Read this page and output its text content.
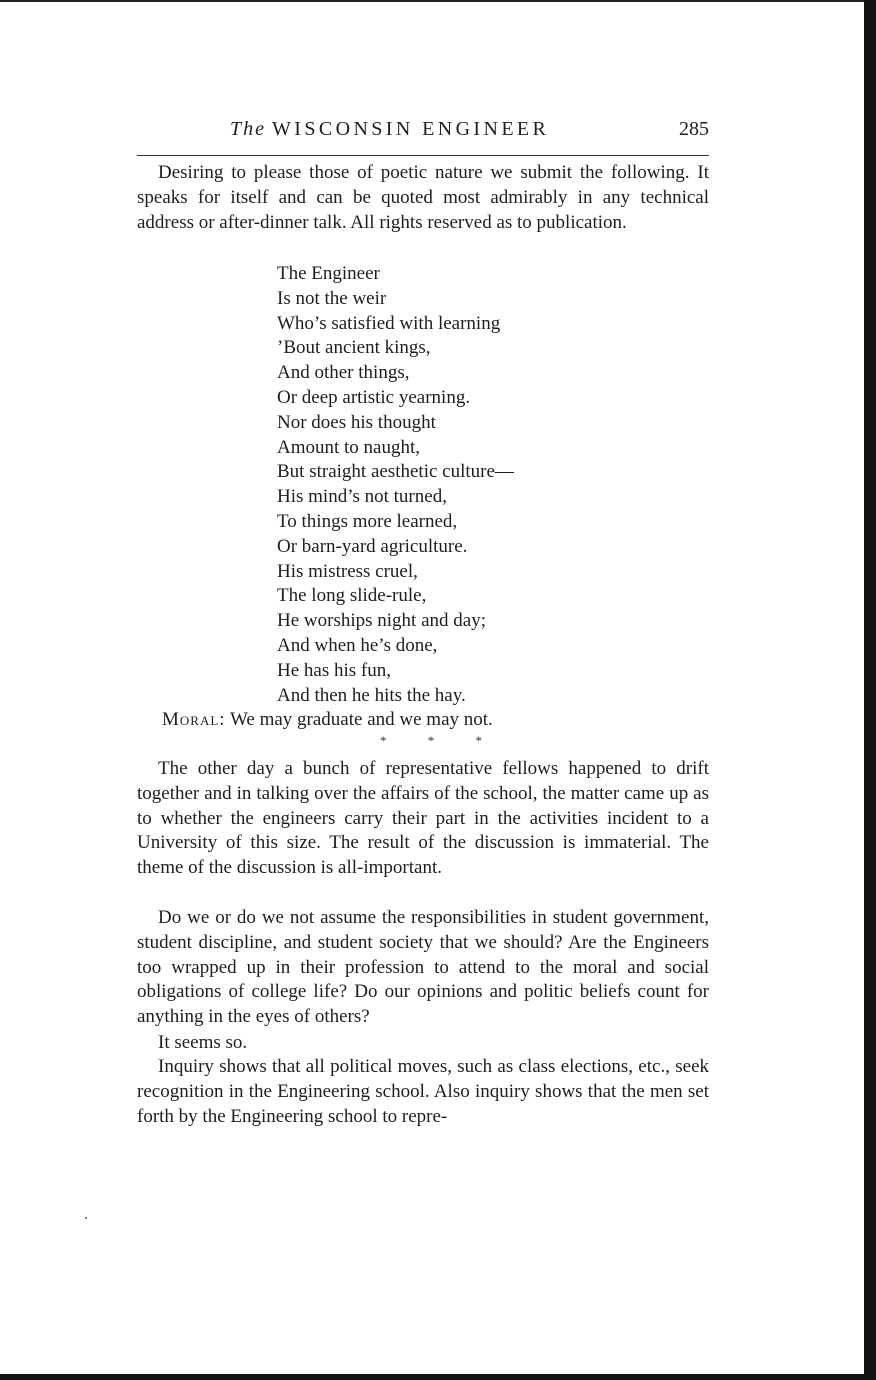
The WISCONSIN ENGINEER	285

Desiring to please those of poetic nature we submit the following. It speaks for itself and can be quoted most admirably in any technical address or after-dinner talk. All rights reserved as to publication.

The Engineer
Is not the weir
Who’s satisfied with learning
’Bout ancient kings,
And other things,
Or deep artistic yearning.
Nor does his thought
Amount to naught,
But straight aesthetic culture—
His mind’s not turned,
To things more learned,
Or barn-yard agriculture.
His mistress cruel,
The long slide-rule,
He worships night and day;
And when he’s done,
He has his fun,
And then he hits the hay.
Moral: We may graduate and we may not.
* * *

The other day a bunch of representative fellows happened to drift together and in talking over the affairs of the school, the matter came up as to whether the engineers carry their part in the activities incident to a University of this size. The result of the discussion is immaterial. The theme of the discussion is all-important.

Do we or do we not assume the responsibilities in student government, student discipline, and student society that we should? Are the Engineers too wrapped up in their profession to attend to the moral and social obligations of college life? Do our opinions and politic beliefs count for anything in the eyes of others?

It seems so.

Inquiry shows that all political moves, such as class elections, etc., seek recognition in the Engineering school. Also inquiry shows that the men set forth by the Engineering school to repre-
